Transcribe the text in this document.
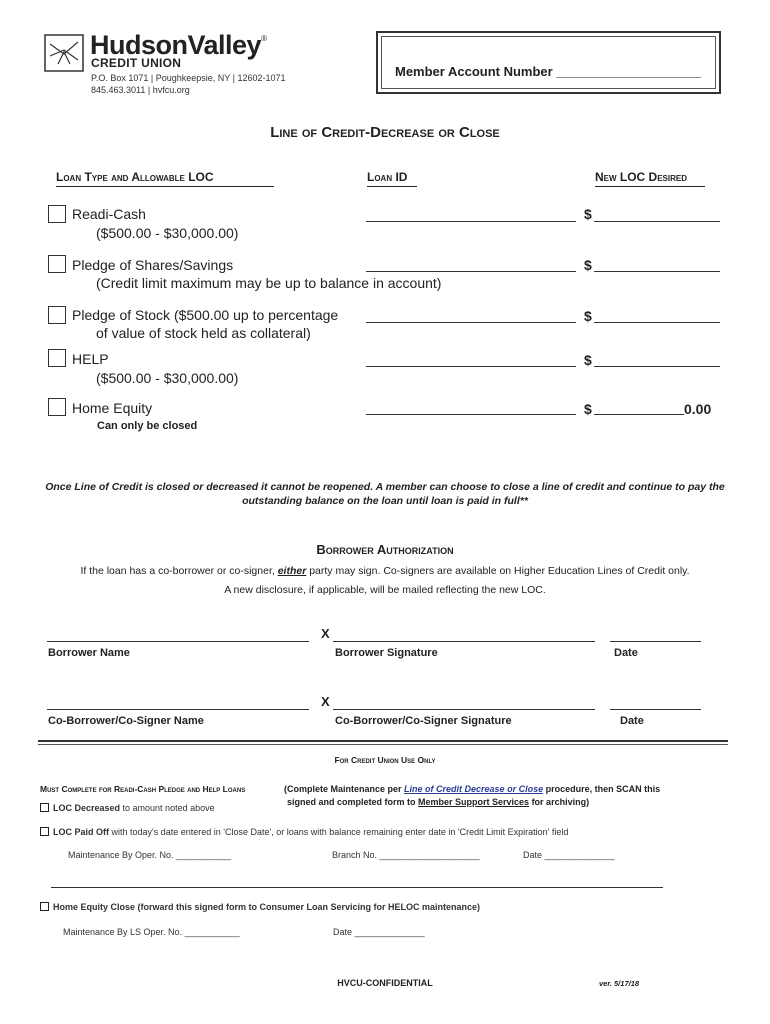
HudsonValley®
CREDIT UNION
P.O. Box 1071 | Poughkeepsie, NY | 12602-1071
845.463.3011 | hvfcu.org
Member Account Number ____________________
Line of Credit-Decrease or Close
Loan Type and Allowable LOC	Loan ID	New LOC Desired
Readi-Cash
($500.00 - $30,000.00)
$
Pledge of Shares/Savings
(Credit limit maximum may be up to balance in account)
$
Pledge of Stock ($500.00 up to percentage
of value of stock held as collateral)
$
HELP
($500.00 - $30,000.00)
$
Home Equity
Can only be closed
$	0.00
Once Line of Credit is closed or decreased it cannot be reopened. A member can choose to close a line of credit and continue to pay the outstanding balance on the loan until loan is paid in full**
Borrower Authorization
If the loan has a co-borrower or co-signer, either party may sign. Co-signers are available on Higher Education Lines of Credit only.
A new disclosure, if applicable, will be mailed reflecting the new LOC.
X
Borrower Name	Borrower Signature	Date
X
Co-Borrower/Co-Signer Name	Co-Borrower/Co-Signer Signature	Date
For Credit Union Use Only
Must Complete for Readi-Cash Pledge and Help Loans	(Complete Maintenance per Line of Credit Decrease or Close procedure, then SCAN this
signed and completed form to Member Support Services for archiving)
LOC Decreased to amount noted above
LOC Paid Off with today's date entered in 'Close Date', or loans with balance remaining enter date in 'Credit Limit Expiration' field
Maintenance By Oper. No. ___________	Branch No. ____________________	Date ______________
Home Equity Close (forward this signed form to Consumer Loan Servicing for HELOC maintenance)
Maintenance By LS Oper. No. ___________	Date ______________
HVCU-CONFIDENTIAL	ver. 5/17/18
